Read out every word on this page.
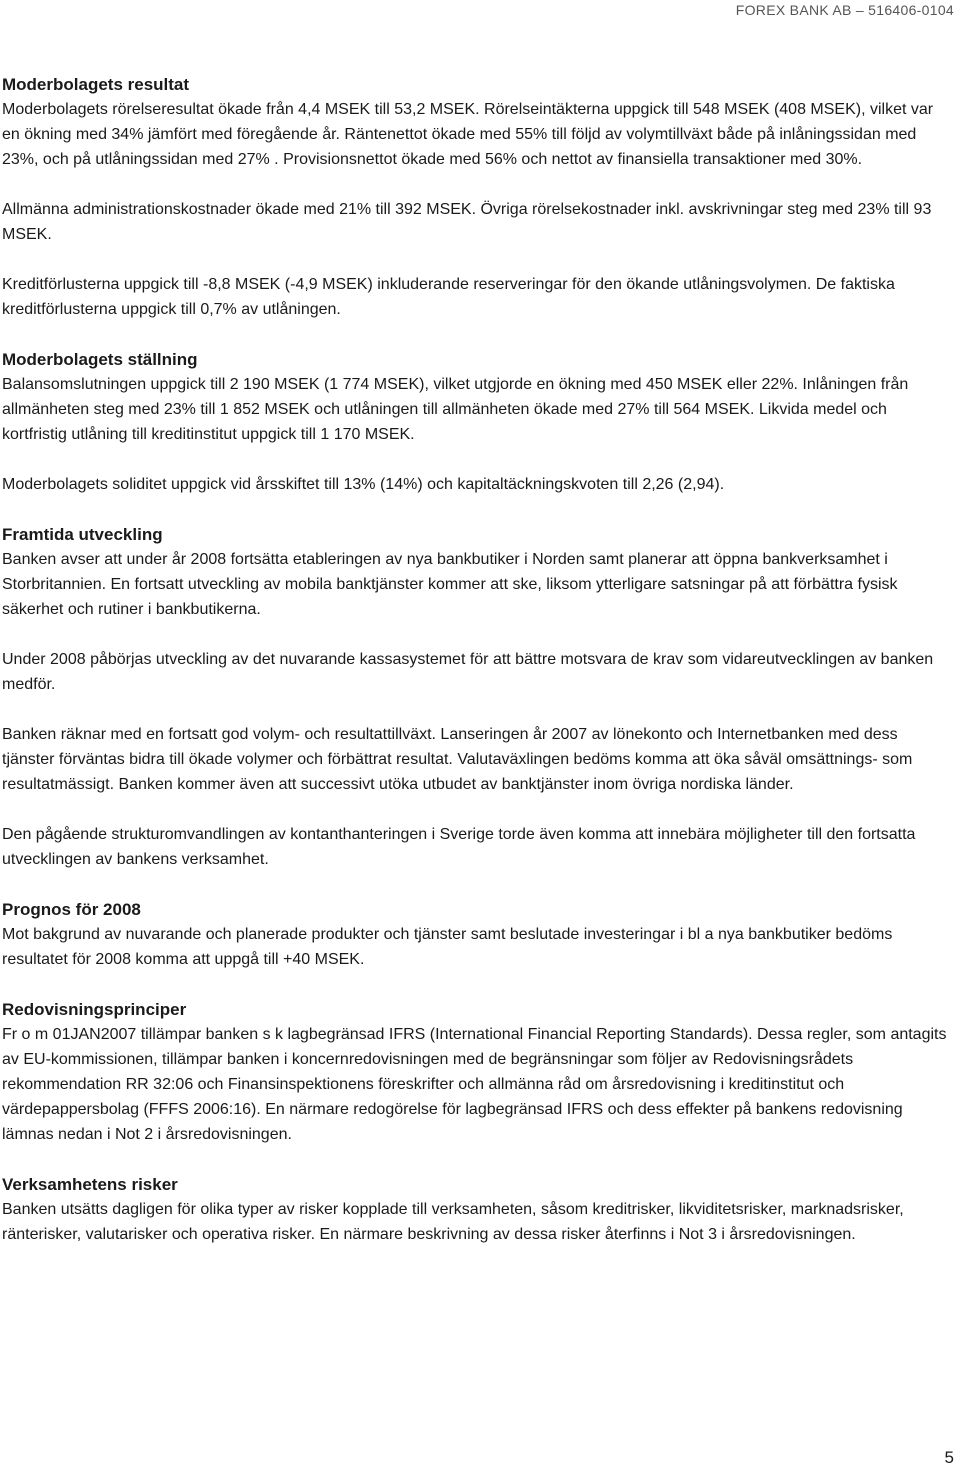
FOREX BANK AB – 516406-0104

Moderbolagets resultat

Moderbolagets rörelseresultat ökade från 4,4 MSEK till 53,2 MSEK. Rörelseintäkterna uppgick till 548 MSEK (408 MSEK), vilket var en ökning med 34% jämfört med föregående år. Räntenettot ökade med 55% till följd av volymtillväxt både på inlåningssidan med 23%, och på utlåningssidan med 27% . Provisionsnettot ökade med 56% och nettot av finansiella transaktioner med 30%.

Allmänna administrationskostnader ökade med 21% till 392 MSEK. Övriga rörelsekostnader inkl. avskrivningar steg med 23% till 93 MSEK.

Kreditförlusterna uppgick till -8,8 MSEK (-4,9 MSEK) inkluderande reserveringar för den ökande utlåningsvolymen. De faktiska kreditförlusterna uppgick till 0,7% av utlåningen.

Moderbolagets ställning

Balansomslutningen uppgick till 2 190 MSEK (1 774 MSEK), vilket utgjorde en ökning med 450 MSEK eller 22%. Inlåningen från allmänheten steg med 23% till 1 852 MSEK och utlåningen till allmänheten ökade med 27% till 564 MSEK. Likvida medel och kortfristig utlåning till kreditinstitut uppgick till 1 170 MSEK.

Moderbolagets soliditet uppgick vid årsskiftet till 13% (14%) och kapitaltäckningskvoten till 2,26 (2,94).

Framtida utveckling

Banken avser att under år 2008 fortsätta etableringen av nya bankbutiker i Norden samt planerar att öppna bankverksamhet i Storbritannien. En fortsatt utveckling av mobila banktjänster kommer att ske, liksom ytterligare satsningar på att förbättra fysisk säkerhet och rutiner i bankbutikerna.

Under 2008 påbörjas utveckling av det nuvarande kassasystemet för att bättre motsvara de krav som vidareutvecklingen av banken medför.

Banken räknar med en fortsatt god volym- och resultattillväxt. Lanseringen år 2007 av lönekonto och Internetbanken med dess tjänster förväntas bidra till ökade volymer och förbättrat resultat. Valutaväxlingen bedöms komma att öka såväl omsättnings- som resultatmässigt. Banken kommer även att successivt utöka utbudet av banktjänster inom övriga nordiska länder.

Den pågående strukturomvandlingen av kontanthanteringen i Sverige torde även komma att innebära möjligheter till den fortsatta utvecklingen av bankens verksamhet.

Prognos för 2008

Mot bakgrund av nuvarande och planerade produkter och tjänster samt beslutade investeringar i bl a nya bankbutiker bedöms resultatet för 2008 komma att uppgå till +40 MSEK.

Redovisningsprinciper

Fr o m 01JAN2007 tillämpar banken s k lagbegränsad IFRS (International Financial Reporting Standards). Dessa regler, som antagits av EU-kommissionen, tillämpar banken i koncernredovisningen med de begränsningar som följer av Redovisningsrådets rekommendation RR 32:06 och Finansinspektionens föreskrifter och allmänna råd om årsredovisning i kreditinstitut och värdepappersbolag (FFFS 2006:16). En närmare redogörelse för lagbegränsad IFRS och dess effekter på bankens redovisning lämnas nedan i Not 2 i årsredovisningen.

Verksamhetens risker

Banken utsätts dagligen för olika typer av risker kopplade till verksamheten, såsom kreditrisker, likviditetsrisker, marknadsrisker, ränterisker, valutarisker och operativa risker. En närmare beskrivning av dessa risker återfinns i Not 3 i årsredovisningen.

5
